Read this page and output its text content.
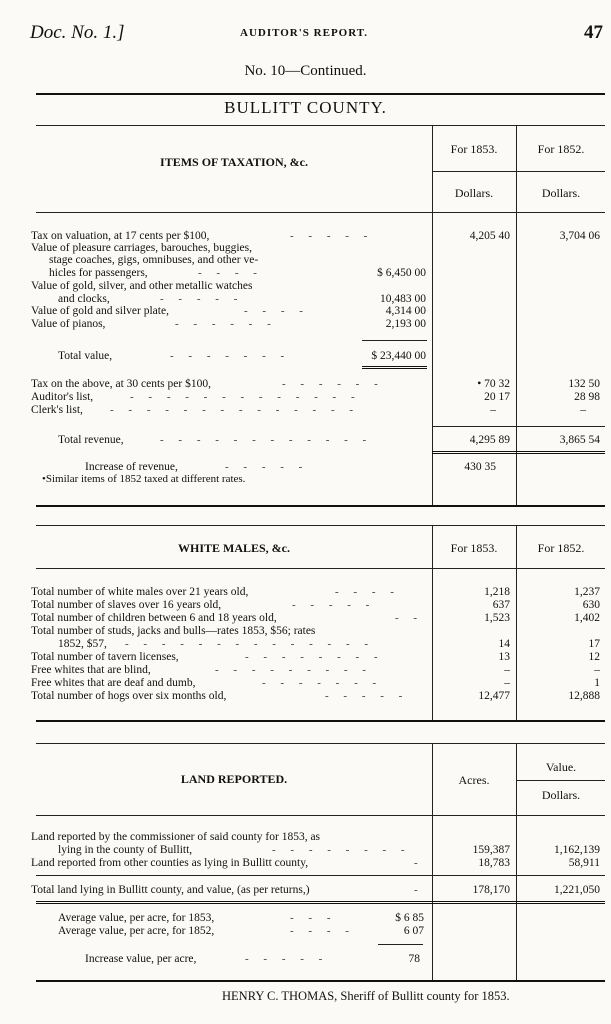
Doc. No. 1.]	AUDITOR'S REPORT.	47
No. 10—Continued.
BULLITT COUNTY.
ITEMS OF TAXATION, &c.
For 1853.	For 1852.
Dollars.	Dollars.
Tax on valuation, at 17 cents per $100,	- - - - -	4,205 40	3,704 06
Value of pleasure carriages, barouches, buggies,
stage coaches, gigs, omnibuses, and other ve-
hicles for passengers,	- - - -	$ 6,450 00
Value of gold, silver, and other metallic watches
and clocks,	- - - - -	10,483 00
Value of gold and silver plate,	- - - -	4,314 00
Value of pianos,	- - - - - -	2,193 00
Total value,	- - - - - - -	$ 23,440 00
Tax on the above, at 30 cents per $100,	- - - - - -	• 70 32	132 50
Auditor's list,	- - - - - - - - - - - - -	20 17	28 98
Clerk's list, - - - - - - - - - - - - - -	–	–
Total revenue,	- - - - - - - - - - - -	4,295 89	3,865 54
Increase of revenue,	- - - - -	430 35
•Similar items of 1852 taxed at different rates.
WHITE MALES, &c.	For 1853.	For 1852.
Total number of white males over 21 years old,	- - - -	1,218	1,237
Total number of slaves over 16 years old,	- - - - -	637	630
Total number of children between 6 and 18 years old,	- -	1,523	1,402
Total number of studs, jacks and bulls—rates 1853, $56; rates
1852, $57, - - - - - - - - - - - - - -	14	17
Total number of tavern licenses,	- - - - - - - -	13	12
Free whites that are blind,	- - - - - - - - -	–	–
Free whites that are deaf and dumb,	- - - - - - -	–	1
Total number of hogs over six months old,	- - - - -	12,477	12,888
LAND REPORTED.	Acres.
Value.
Dollars.
Land reported by the commissioner of said county for 1853, as
lying in the county of Bullitt,	- - - - - - - -	159,387	1,162,139
Land reported from other counties as lying in Bullitt county,	-	18,783	58,911
Total land lying in Bullitt county, and value, (as per returns,)	-	178,170	1,221,050
Average value, per acre, for 1853,	- - -	$ 6 85
Average value, per acre, for 1852,	- - - -	6 07
Increase value, per acre,	- - - - -	78
HENRY C. THOMAS, Sheriff of Bullitt county for 1853.
